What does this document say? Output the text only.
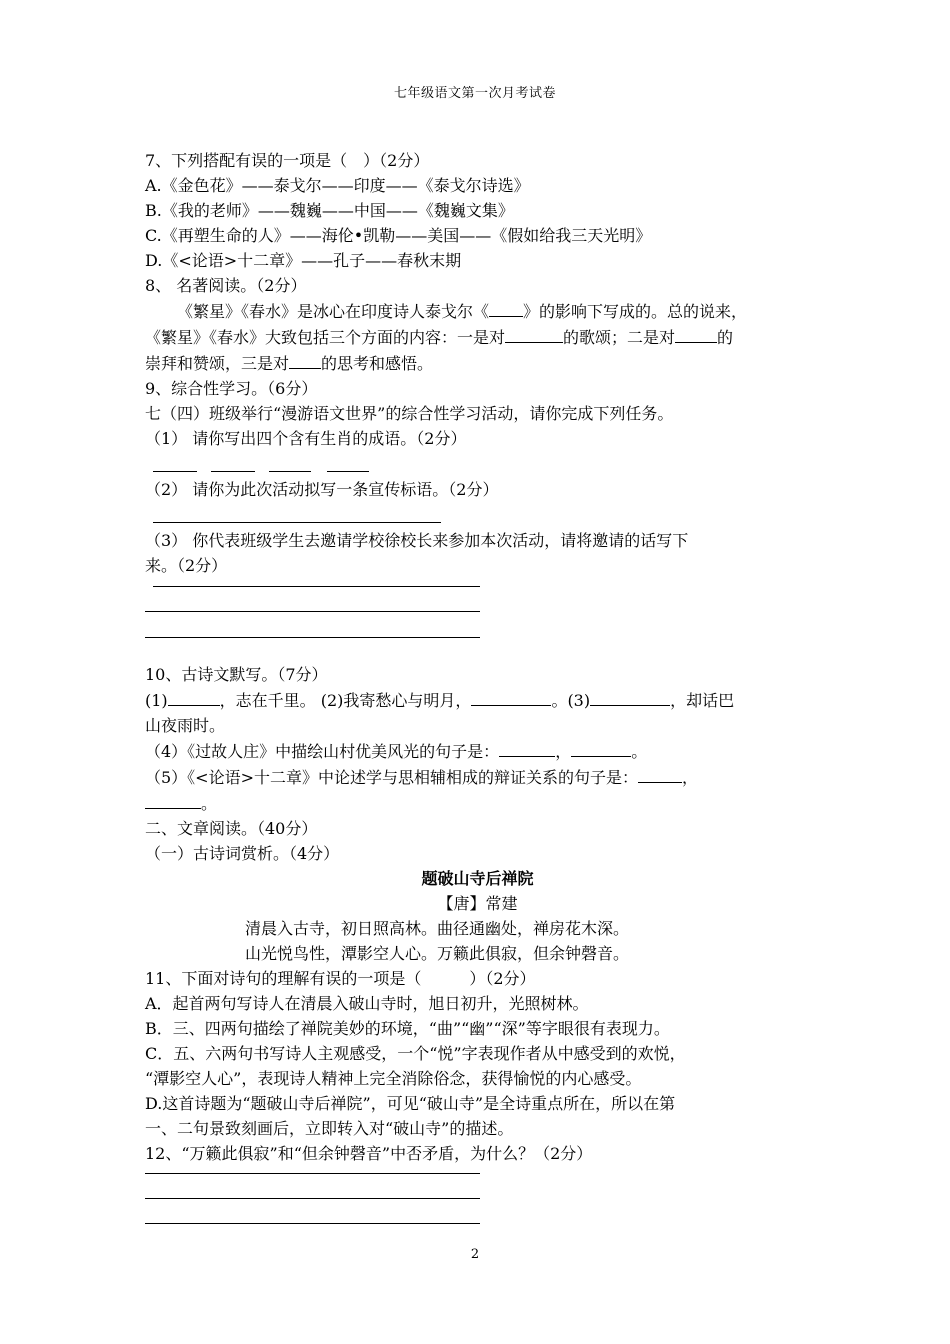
七年级语文第一次月考试卷
7、下列搭配有误的一项是（　）（2分）
A.《金色花》——泰戈尔——印度——《泰戈尔诗选》
B.《我的老师》——魏巍——中国——《魏巍文集》
C.《再塑生命的人》——海伦•凯勒——美国——《假如给我三天光明》
D.《<论语>十二章》——孔子——春秋末期
8、 名著阅读。（2分）
《繁星》《春水》是冰心在印度诗人泰戈尔《 》的影响下写成的。总的说来，
《繁星》《春水》大致包括三个方面的内容：一是对	的歌颂；二是对	的
崇拜和赞颂，三是对 的思考和感悟。
9、综合性学习。（6分）
七（四）班级举行“漫游语文世界”的综合性学习活动，请你完成下列任务。
（1） 请你写出四个含有生肖的成语。（2分）
（2） 请你为此次活动拟写一条宣传标语。（2分）
（3） 你代表班级学生去邀请学校徐校长来参加本次活动，请将邀请的话写下
来。（2分）
10、古诗文默写。（7分）
(1)	，志在千里。 (2)我寄愁心与明月，	。(3)	，却话巴
山夜雨时。
（4）《过故人庄》中描绘山村优美风光的句子是：	，	。
（5）《<论语>十二章》中论述学与思相辅相成的辩证关系的句子是：	，
。
二、文章阅读。（40分）
（一）古诗词赏析。（4分）
题破山寺后禅院
【唐】常建
清晨入古寺，初日照高林。曲径通幽处，禅房花木深。
山光悦鸟性，潭影空人心。万籁此俱寂，但余钟磬音。
11、下面对诗句的理解有误的一项是（　　　）（2分）
A．起首两句写诗人在清晨入破山寺时，旭日初升，光照树林。
B．三、四两句描绘了禅院美妙的环境，“曲”“幽”“深”等字眼很有表现力。
C．五、六两句书写诗人主观感受，一个“悦”字表现作者从中感受到的欢悦，
“潭影空人心”，表现诗人精神上完全消除俗念，获得愉悦的内心感受。
D.这首诗题为“题破山寺后禅院”，可见“破山寺”是全诗重点所在，所以在第
一、二句景致刻画后，立即转入对“破山寺”的描述。
12、“万籁此俱寂”和“但余钟磬音”中否矛盾，为什么？（2分）
2
